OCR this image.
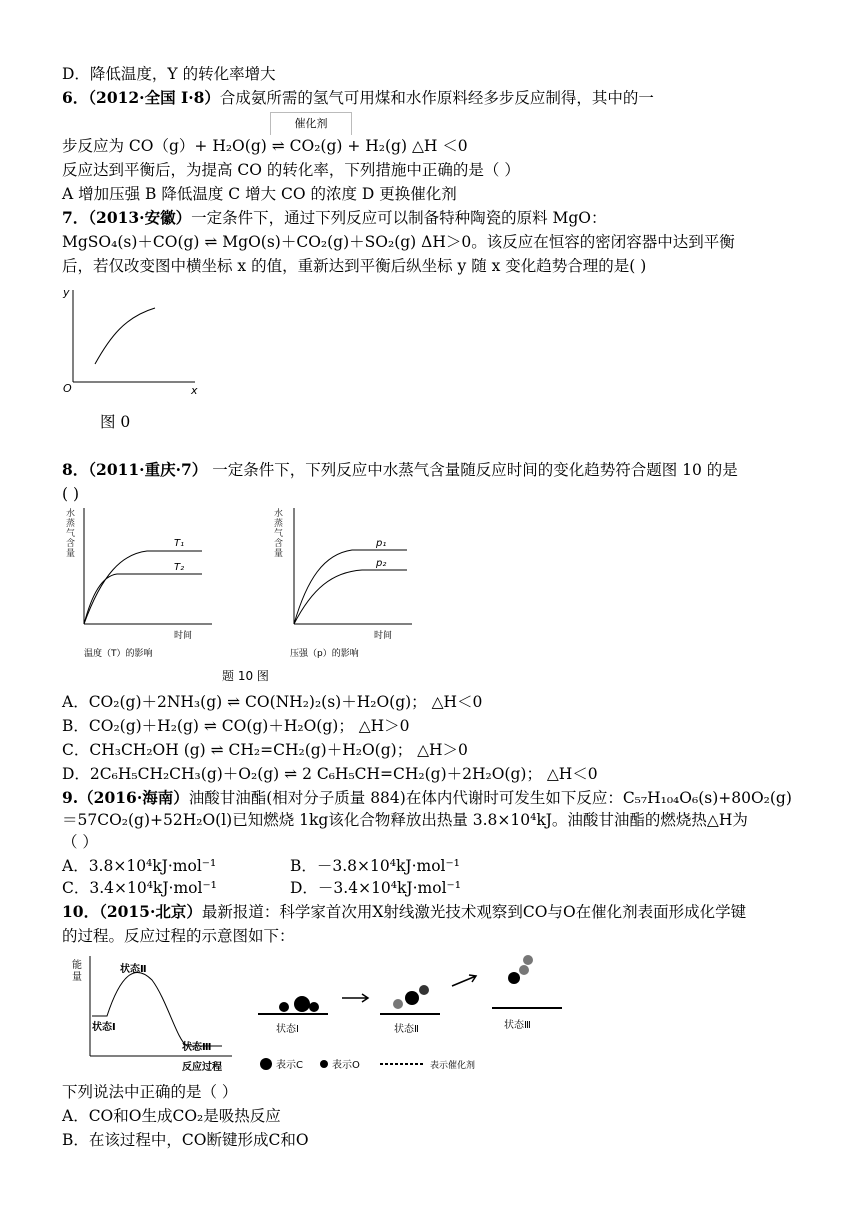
D．降低温度，Y 的转化率增大
6．（2012·全国 Ⅰ·8）合成氨所需的氢气可用煤和水作原料经多步反应制得，其中的一
催化剂
步反应为 CO（g）+ H₂O(g) ⇌ CO₂(g) + H₂(g) △H ＜0
反应达到平衡后，为提高 CO 的转化率，下列措施中正确的是（ ）
A 增加压强 B 降低温度 C 增大 CO 的浓度 D 更换催化剂
7．（2013·安徽）一定条件下，通过下列反应可以制备特种陶瓷的原料 MgO：
MgSO₄(s)＋CO(g) ⇌ MgO(s)＋CO₂(g)＋SO₂(g) ΔH＞0。该反应在恒容的密闭容器中达到平衡
后，若仅改变图中横坐标 x 的值，重新达到平衡后纵坐标 y 随 x 变化趋势合理的是( )
y
x
O
图 0
8．（2011·重庆·7） 一定条件下，下列反应中水蒸气含量随反应时间的变化趋势符合题图 10 的是
( )
水
蒸
气
含
量
T₁
T₂
时间
温度（T）的影响
水
蒸
气
含
量
p₁
p₂
时间
压强（p）的影响
题 10 图
A．CO₂(g)＋2NH₃(g) ⇌ CO(NH₂)₂(s)＋H₂O(g)； △H＜0
B．CO₂(g)＋H₂(g) ⇌ CO(g)＋H₂O(g)； △H＞0
C．CH₃CH₂OH (g) ⇌ CH₂=CH₂(g)＋H₂O(g)； △H＞0
D．2C₆H₅CH₂CH₃(g)＋O₂(g) ⇌ 2 C₆H₅CH=CH₂(g)＋2H₂O(g)； △H＜0
9.（2016·海南）油酸甘油酯(相对分子质量 884)在体内代谢时可发生如下反应：C₅₇H₁₀₄O₆(s)+80O₂(g)
＝57CO₂(g)+52H₂O(l)已知燃烧 1kg该化合物释放出热量 3.8×10⁴kJ。油酸甘油酯的燃烧热△H为
（ ）
A．3.8×10⁴kJ·mol⁻¹	B．－3.8×10⁴kJ·mol⁻¹
C．3.4×10⁴kJ·mol⁻¹	D．－3.4×10⁴kJ·mol⁻¹
10．（2015·北京）最新报道：科学家首次用X射线激光技术观察到CO与O在催化剂表面形成化学键
的过程。反应过程的示意图如下：
能
量
状态Ⅱ
状态Ⅰ
状态Ⅲ
反应过程
状态Ⅰ	状态Ⅱ	状态Ⅲ
表示C	表示O	表示催化剂
下列说法中正确的是（ ）
A．CO和O生成CO₂是吸热反应
B．在该过程中，CO断键形成C和O
